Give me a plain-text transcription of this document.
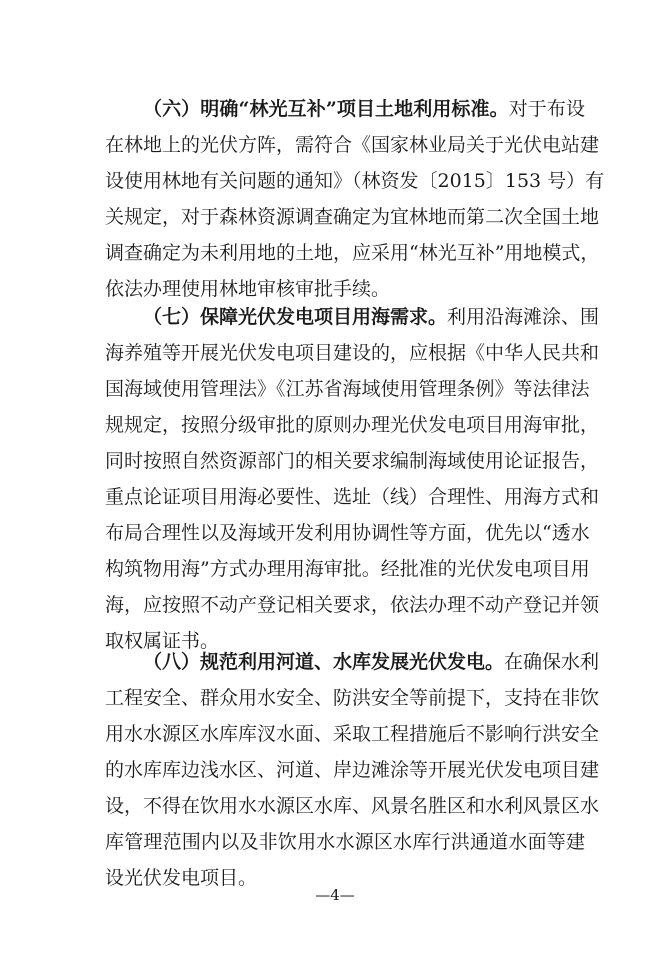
（六）明确“林光互补”项目土地利用标准。对于布设
在林地上的光伏方阵，需符合《国家林业局关于光伏电站建
设使用林地有关问题的通知》（林资发〔2015〕153 号）有
关规定，对于森林资源调查确定为宜林地而第二次全国土地
调查确定为未利用地的土地，应采用“林光互补”用地模式，
依法办理使用林地审核审批手续。
（七）保障光伏发电项目用海需求。利用沿海滩涂、围
海养殖等开展光伏发电项目建设的，应根据《中华人民共和
国海域使用管理法》《江苏省海域使用管理条例》等法律法
规规定，按照分级审批的原则办理光伏发电项目用海审批，
同时按照自然资源部门的相关要求编制海域使用论证报告，
重点论证项目用海必要性、选址（线）合理性、用海方式和
布局合理性以及海域开发利用协调性等方面，优先以“透水
构筑物用海”方式办理用海审批。经批准的光伏发电项目用
海，应按照不动产登记相关要求，依法办理不动产登记并领
取权属证书。
（八）规范利用河道、水库发展光伏发电。在确保水利
工程安全、群众用水安全、防洪安全等前提下，支持在非饮
用水水源区水库库汊水面、采取工程措施后不影响行洪安全
的水库库边浅水区、河道、岸边滩涂等开展光伏发电项目建
设，不得在饮用水水源区水库、风景名胜区和水利风景区水
库管理范围内以及非饮用水水源区水库行洪通道水面等建
设光伏发电项目。
—4—
